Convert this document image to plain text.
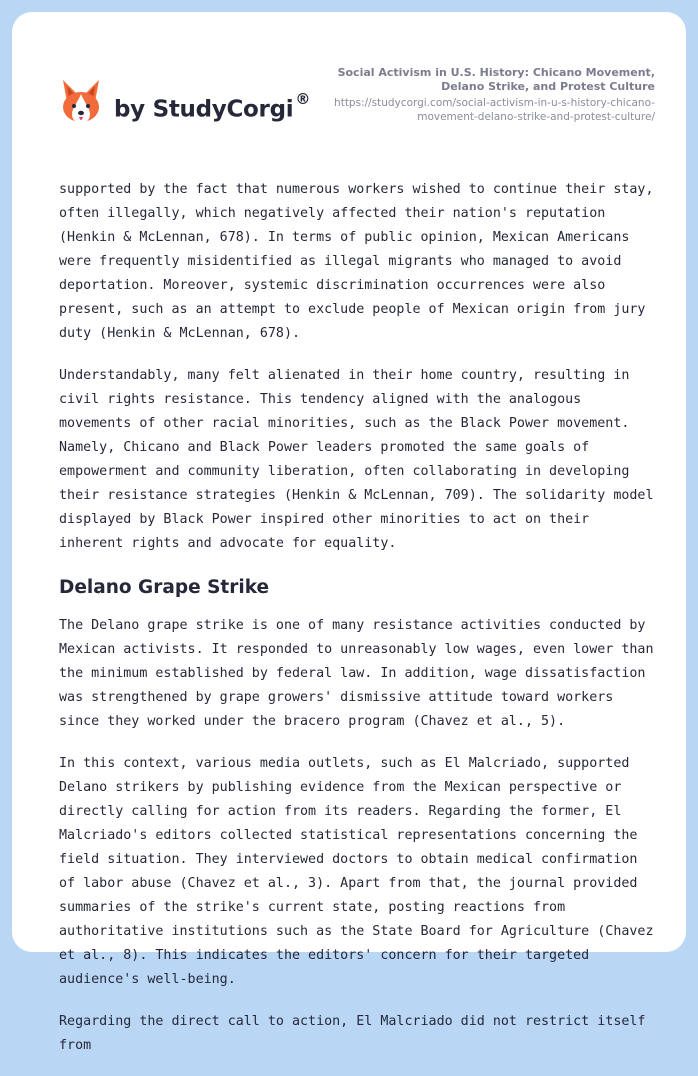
by StudyCorgi ®
Social Activism in U.S. History: Chicano Movement, Delano Strike, and Protest Culture
https://studycorgi.com/social-activism-in-u-s-history-chicano-movement-delano-strike-and-protest-culture/

supported by the fact that numerous workers wished to continue their stay, often illegally, which negatively affected their nation's reputation (Henkin & McLennan, 678). In terms of public opinion, Mexican Americans were frequently misidentified as illegal migrants who managed to avoid deportation. Moreover, systemic discrimination occurrences were also present, such as an attempt to exclude people of Mexican origin from jury duty (Henkin & McLennan, 678).

Understandably, many felt alienated in their home country, resulting in civil rights resistance. This tendency aligned with the analogous movements of other racial minorities, such as the Black Power movement. Namely, Chicano and Black Power leaders promoted the same goals of empowerment and community liberation, often collaborating in developing their resistance strategies (Henkin & McLennan, 709). The solidarity model displayed by Black Power inspired other minorities to act on their inherent rights and advocate for equality.

Delano Grape Strike

The Delano grape strike is one of many resistance activities conducted by Mexican activists. It responded to unreasonably low wages, even lower than the minimum established by federal law. In addition, wage dissatisfaction was strengthened by grape growers' dismissive attitude toward workers since they worked under the bracero program (Chavez et al., 5).

In this context, various media outlets, such as El Malcriado, supported Delano strikers by publishing evidence from the Mexican perspective or directly calling for action from its readers. Regarding the former, El Malcriado's editors collected statistical representations concerning the field situation. They interviewed doctors to obtain medical confirmation of labor abuse (Chavez et al., 3). Apart from that, the journal provided summaries of the strike's current state, posting reactions from authoritative institutions such as the State Board for Agriculture (Chavez et al., 8). This indicates the editors' concern for their targeted audience's well-being.

Regarding the direct call to action, El Malcriado did not restrict itself from
